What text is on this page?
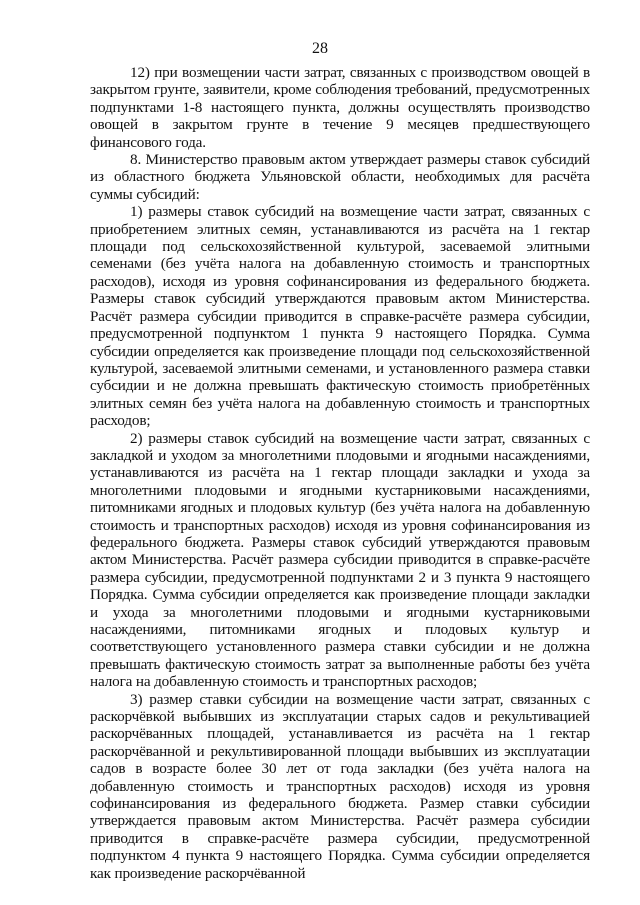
28

12) при возмещении части затрат, связанных с производством овощей в закрытом грунте, заявители, кроме соблюдения требований, предусмотренных подпунктами 1-8 настоящего пункта, должны осуществлять производство овощей в закрытом грунте в течение 9 месяцев предшествующего финансового года.

8. Министерство правовым актом утверждает размеры ставок субсидий из областного бюджета Ульяновской области, необходимых для расчёта суммы субсидий:

1) размеры ставок субсидий на возмещение части затрат, связанных с приобретением элитных семян, устанавливаются из расчёта на 1 гектар площади под сельскохозяйственной культурой, засеваемой элитными семенами (без учёта налога на добавленную стоимость и транспортных расходов), исходя из уровня софинансирования из федерального бюджета. Размеры ставок субсидий утверждаются правовым актом Министерства. Расчёт размера субсидии приводится в справке-расчёте размера субсидии, предусмотренной подпунктом 1 пункта 9 настоящего Порядка. Сумма субсидии определяется как произведение площади под сельскохозяйственной культурой, засеваемой элитными семенами, и установленного размера ставки субсидии и не должна превышать фактическую стоимость приобретённых элитных семян без учёта налога на добавленную стоимость и транспортных расходов;

2) размеры ставок субсидий на возмещение части затрат, связанных с закладкой и уходом за многолетними плодовыми и ягодными насаждениями, устанавливаются из расчёта на 1 гектар площади закладки и ухода за многолетними плодовыми и ягодными кустарниковыми насаждениями, питомниками ягодных и плодовых культур (без учёта налога на добавленную стоимость и транспортных расходов) исходя из уровня софинансирования из федерального бюджета. Размеры ставок субсидий утверждаются правовым актом Министерства. Расчёт размера субсидии приводится в справке-расчёте размера субсидии, предусмотренной подпунктами 2 и 3 пункта 9 настоящего Порядка. Сумма субсидии определяется как произведение площади закладки и ухода за многолетними плодовыми и ягодными кустарниковыми насаждениями, питомниками ягодных и плодовых культур и соответствующего установленного размера ставки субсидии и не должна превышать фактическую стоимость затрат за выполненные работы без учёта налога на добавленную стоимость и транспортных расходов;

3) размер ставки субсидии на возмещение части затрат, связанных с раскорчёвкой выбывших из эксплуатации старых садов и рекультивацией раскорчёванных площадей, устанавливается из расчёта на 1 гектар раскорчёванной и рекультивированной площади выбывших из эксплуатации садов в возрасте более 30 лет от года закладки (без учёта налога на добавленную стоимость и транспортных расходов) исходя из уровня софинансирования из федерального бюджета. Размер ставки субсидии утверждается правовым актом Министерства. Расчёт размера субсидии приводится в справке-расчёте размера субсидии, предусмотренной подпунктом 4 пункта 9 настоящего Порядка. Сумма субсидии определяется как произведение раскорчёванной
